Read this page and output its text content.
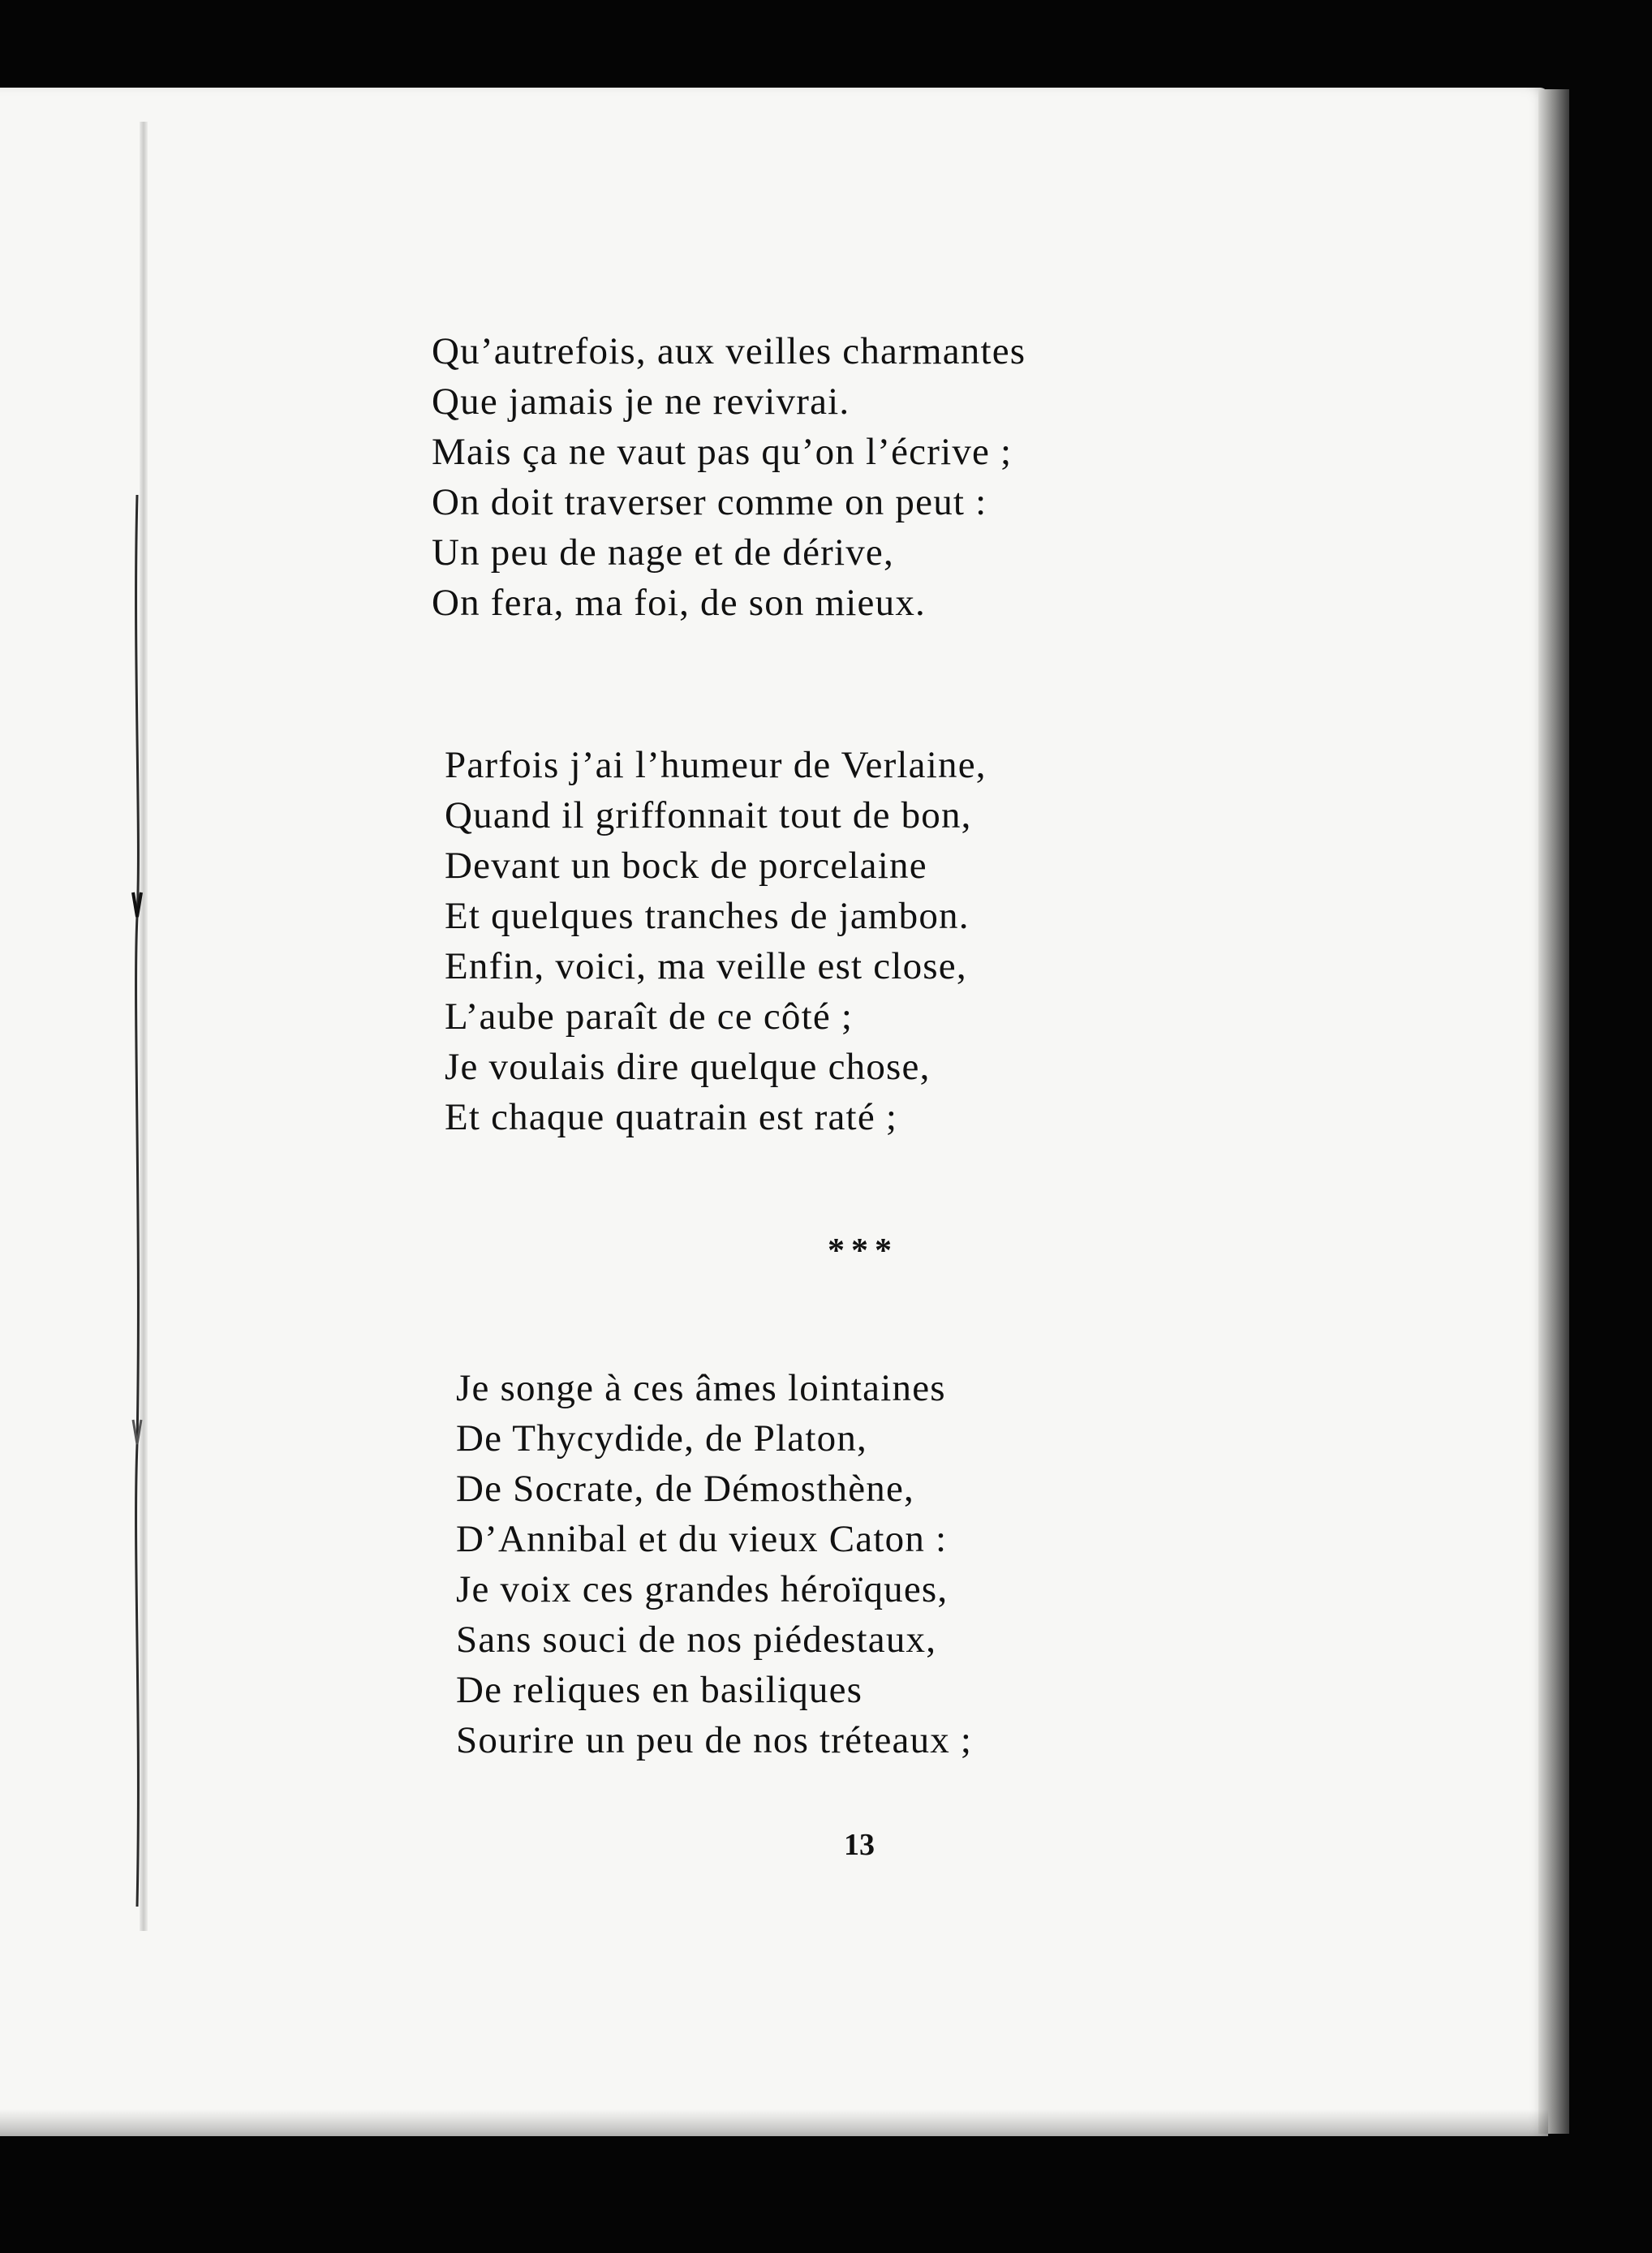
Qu’autrefois, aux veilles charmantes
Que jamais je ne revivrai.
Mais ça ne vaut pas qu’on l’écrive ;
On doit traverser comme on peut :
Un peu de nage et de dérive,
On fera, ma foi, de son mieux.
Parfois j’ai l’humeur de Verlaine,
Quand il griffonnait tout de bon,
Devant un bock de porcelaine
Et quelques tranches de jambon.
Enfin, voici, ma veille est close,
L’aube paraît de ce côté ;
Je voulais dire quelque chose,
Et chaque quatrain est raté ;
***
Je songe à ces âmes lointaines
De Thycydide, de Platon,
De Socrate, de Démosthène,
D’Annibal et du vieux Caton :
Je voix ces grandes héroïques,
Sans souci de nos piédestaux,
De reliques en basiliques
Sourire un peu de nos tréteaux ;
13
